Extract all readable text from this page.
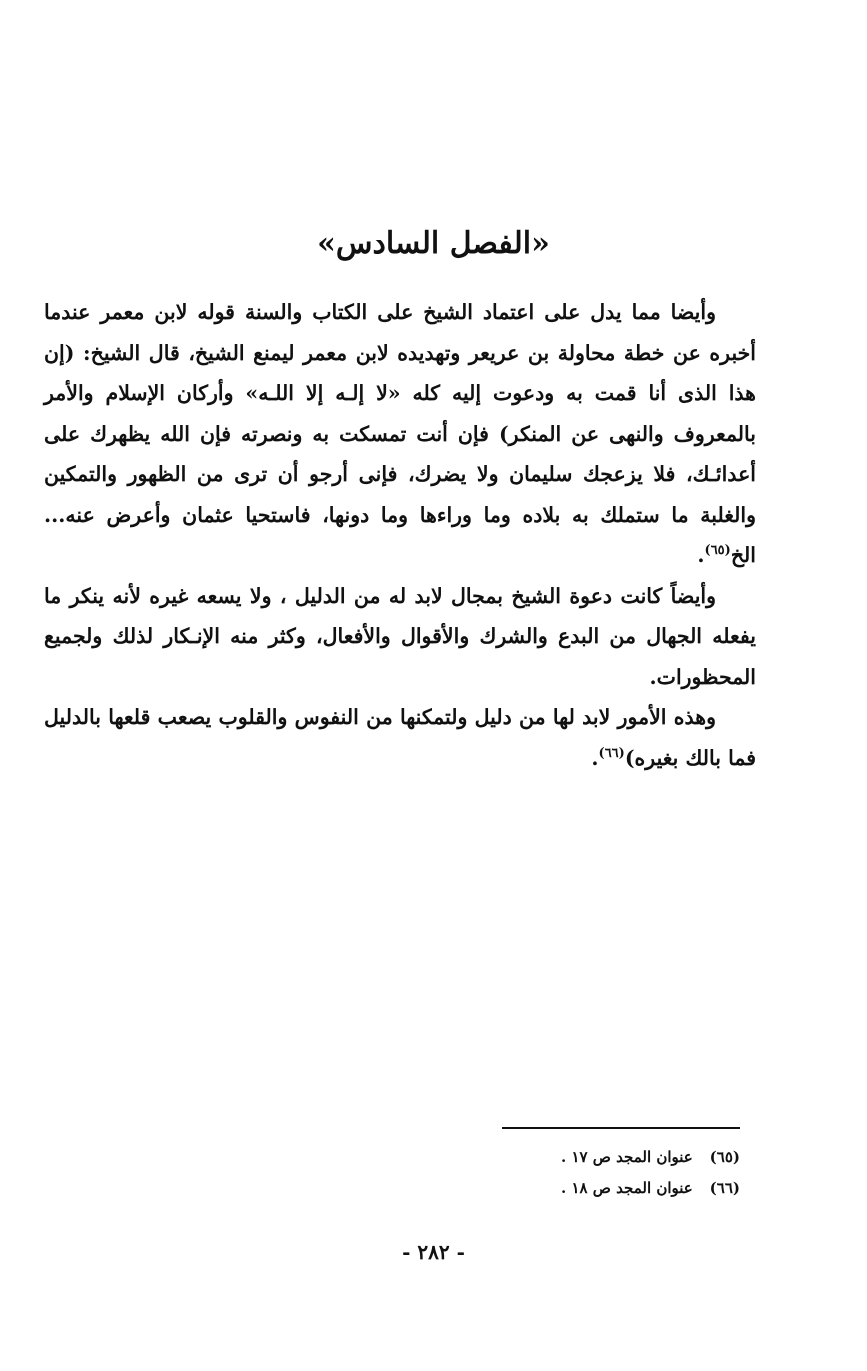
«الفصل السادس»

وأيضا مما يدل على اعتماد الشيخ على الكتاب والسنة قوله لابن معمر عندما أخبره عن خطة محاولة بن عريعر وتهديده لابن معمر ليمنع الشيخ، قال الشيخ: (إن هذا الذى أنا قمت به ودعوت إليه كله «لا إلـه إلا اللـه» وأركان الإسلام والأمر بالمعروف والنهى عن المنكر) فإن أنت تمسكت به ونصرته فإن الله يظهرك على أعدائـك، فلا يزعجك سليمان ولا يضرك، فإنى أرجو أن ترى من الظهور والتمكين والغلبة ما ستملك به بلاده وما وراءها وما دونها، فاستحيا عثمان وأعرض عنه... الخ$^{(٦٥)}$.

وأيضاً كانت دعوة الشيخ بمجال لابد له من الدليل ، ولا يسعه غيره لأنه ينكر ما يفعله الجهال من البدع والشرك والأقوال والأفعال، وكثر منه الإنـكار لذلك ولجميع المحظورات.

وهذه الأمور لابد لها من دليل ولتمكنها من النفوس والقلوب يصعب قلعها بالدليل فما بالك بغيره)$^{(٦٦)}$.

(٦٥) عنوان المجد ص ١٧ .
(٦٦) عنوان المجد ص ١٨ .
- ٢٨٢ -
